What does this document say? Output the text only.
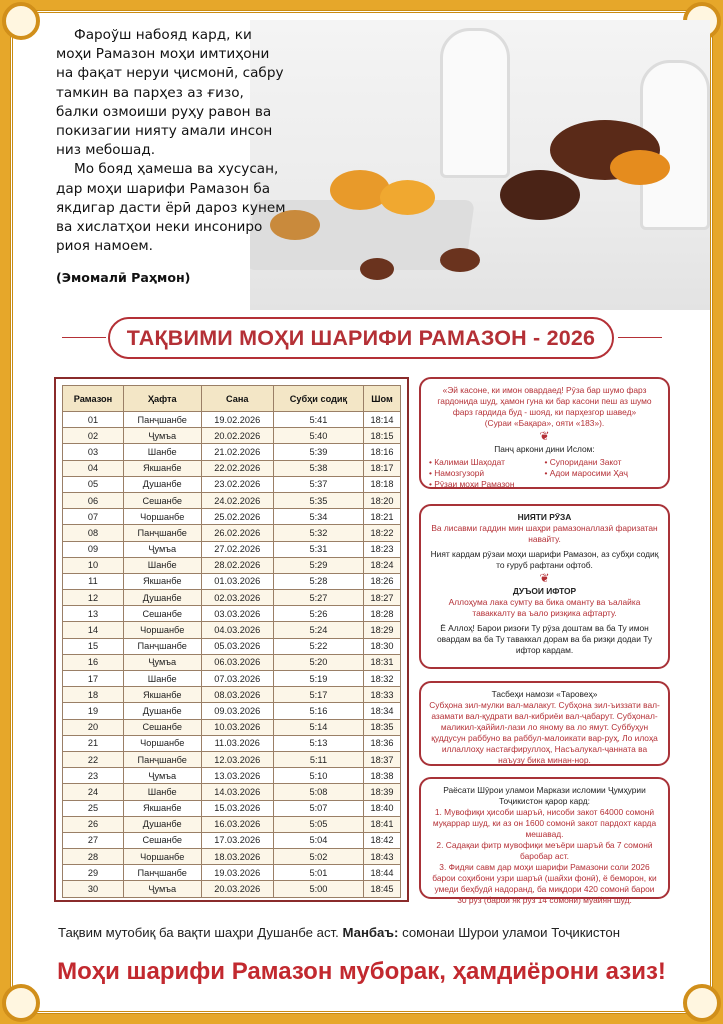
Фароўш набояд кард, ки моҳи Рамазон моҳи имтиҳони на фақат неруи ҷисмонӣ, сабру тамкин ва парҳез аз ғизо, балки озмоиши руҳу равон ва покизагии нияту амали инсон низ мебошад.

Мо бояд ҳамеша ва хусусан, дар моҳи шарифи Рамазон ба якдигар дасти ёрӣ дароз кунем ва хислатҳои неки инсониро риоя намоем.

(Эмомалӣ Раҳмон)

ТАҚВИМИ МОҲИ ШАРИФИ РАМАЗОН - 2026
Рамазон	Ҳафта	Сана	Субҳи содиқ	Шом
01	Панҷшанбе	19.02.2026	5:41	18:14
02	Ҷумъа	20.02.2026	5:40	18:15
03	Шанбе	21.02.2026	5:39	18:16
04	Якшанбе	22.02.2026	5:38	18:17
05	Душанбе	23.02.2026	5:37	18:18
06	Сешанбе	24.02.2026	5:35	18:20
07	Чоршанбе	25.02.2026	5:34	18:21
08	Панҷшанбе	26.02.2026	5:32	18:22
09	Ҷумъа	27.02.2026	5:31	18:23
10	Шанбе	28.02.2026	5:29	18:24
11	Якшанбе	01.03.2026	5:28	18:26
12	Душанбе	02.03.2026	5:27	18:27
13	Сешанбе	03.03.2026	5:26	18:28
14	Чоршанбе	04.03.2026	5:24	18:29
15	Панҷшанбе	05.03.2026	5:22	18:30
16	Ҷумъа	06.03.2026	5:20	18:31
17	Шанбе	07.03.2026	5:19	18:32
18	Якшанбе	08.03.2026	5:17	18:33
19	Душанбе	09.03.2026	5:16	18:34
20	Сешанбе	10.03.2026	5:14	18:35
21	Чоршанбе	11.03.2026	5:13	18:36
22	Панҷшанбе	12.03.2026	5:11	18:37
23	Ҷумъа	13.03.2026	5:10	18:38
24	Шанбе	14.03.2026	5:08	18:39
25	Якшанбе	15.03.2026	5:07	18:40
26	Душанбе	16.03.2026	5:05	18:41
27	Сешанбе	17.03.2026	5:04	18:42
28	Чоршанбе	18.03.2026	5:02	18:43
29	Панҷшанбе	19.03.2026	5:01	18:44
30	Ҷумъа	20.03.2026	5:00	18:45
«Эй касоне, ки имон овардаед! Рӯза бар шумо фарз гардонида шуд, ҳамон гуна ки бар касони пеш аз шумо фарз гардида буд - шояд, ки парҳезгор шавед»
(Сураи «Бақара», ояти «183»).
❦
Панҷ аркони дини Ислом:
• Калимаи Шаҳодат	• Супоридани Закот
• Намозгузорӣ	• Адои маросими Ҳаҷ
• Рӯзаи моҳи Рамазон
НИЯТИ РӮЗА
Ва лисавми гаддин мин шаҳри рамазоналлазӣ фаризатан навайту.
Ният кардам рӯзаи моҳи шарифи Рамазон, аз субҳи содиқ то ғуруб рафтани офтоб.
❦
ДУЪОИ ИФТОР
Аллоҳума лака сумту ва бика оманту ва ъалайка таваккалту ва ъало ризқика афтарту.
Ё Аллоҳ! Барои ризоғи Ту рӯза доштам ва ба Ту имон овардам ва ба Ту таваккал дорам ва ба ризқи додаи Ту ифтор кардам.
Тасбеҳи намози «Таровеҳ»
Субҳона зил-мулки вал-малакут. Субҳона зил-ъиззати вал-азамати вал-қудрати вал-кибриёи вал-ҷабарут. Субҳонал-маликил-ҳаййил-лази ло яному ва ло ямут. Суббуҳун қуддусун раббуно ва раббул-малоикати вар-руҳ, Ло илоҳа иллаллоҳу настағфируллоҳ, Насъалукал-ҷанната ва наъузу бика минан-нор.
Раёсати Шӯрои уламои Маркази исломии Ҷумҳурии Тоҷикистон қарор кард:
1. Мувофиқи ҳисоби шаръӣ, нисоби закот 64000 сомонӣ муқаррар шуд, ки аз он 1600 сомонӣ закот пардохт карда мешавад.
2. Садақаи фитр мувофиқи меъёри шаръӣ ба 7 сомонӣ баробар аст.
3. Фидяи савм дар моҳи шарифи Рамазони соли 2026 барои соҳибони узри шаръӣ (шайхи фонӣ), ё беморон, ки умеди беҳбудӣ надоранд, ба миқдори 420 сомонӣ барои 30 рӯз (барои як рӯз 14 сомонӣ) муайян шуд.
Тақвим мутобиқ ба вақти шаҳри Душанбе аст. Манбаъ: сомонаи Шурои уламои Тоҷикистон
Моҳи шарифи Рамазон муборак, ҳамдиёрони азиз!
